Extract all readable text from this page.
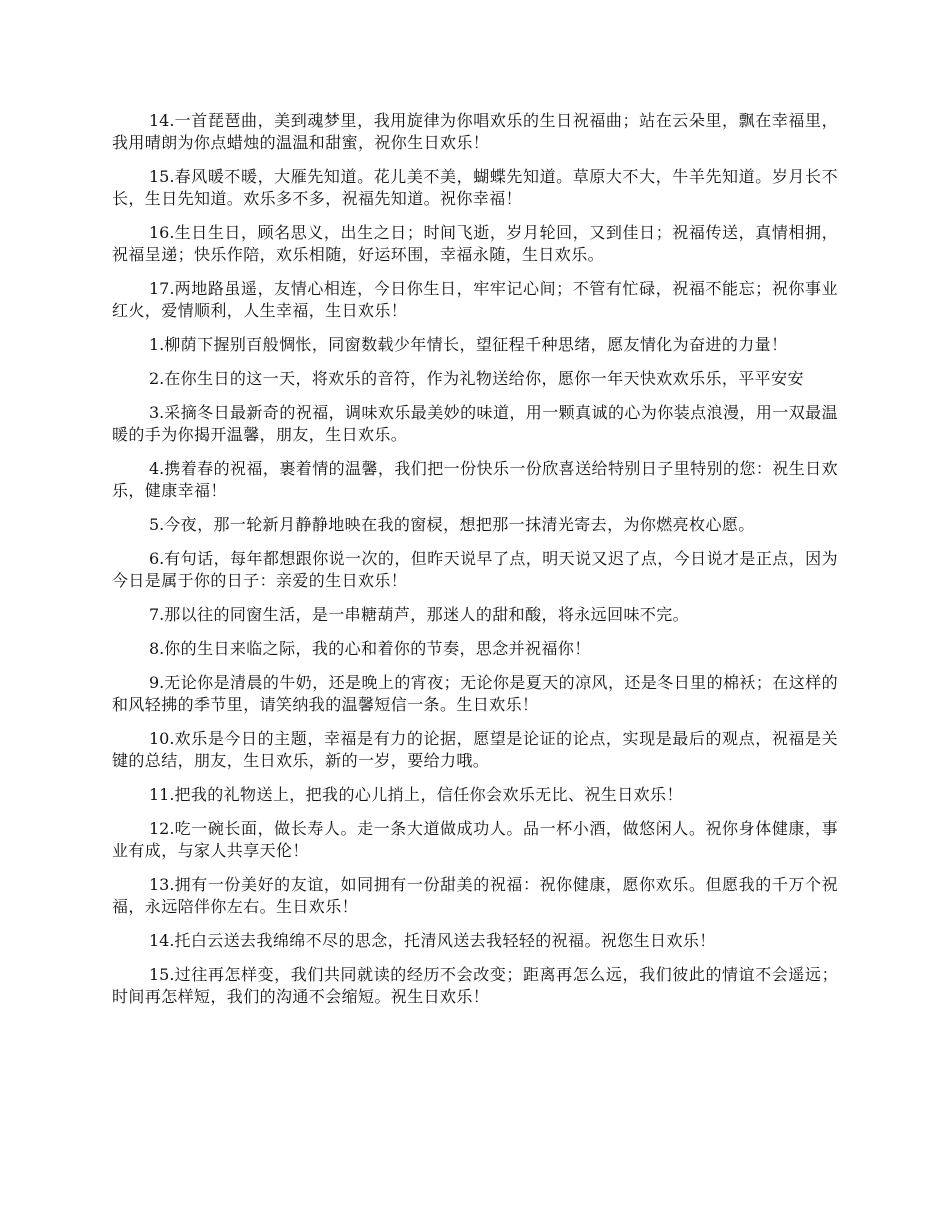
14.一首琵琶曲，美到魂梦里，我用旋律为你唱欢乐的生日祝福曲；站在云朵里，飘在幸福里，我用晴朗为你点蜡烛的温温和甜蜜，祝你生日欢乐！

15.春风暖不暖，大雁先知道。花儿美不美，蝴蝶先知道。草原大不大，牛羊先知道。岁月长不长，生日先知道。欢乐多不多，祝福先知道。祝你幸福！

16.生日生日，顾名思义，出生之日；时间飞逝，岁月轮回，又到佳日；祝福传送，真情相拥，祝福呈递；快乐作陪，欢乐相随，好运环围，幸福永随，生日欢乐。

17.两地路虽遥，友情心相连，今日你生日，牢牢记心间；不管有忙碌，祝福不能忘；祝你事业红火，爱情顺利，人生幸福，生日欢乐！

1.柳荫下握别百般惆怅，同窗数载少年情长，望征程千种思绪，愿友情化为奋进的力量！

2.在你生日的这一天，将欢乐的音符，作为礼物送给你，愿你一年天快欢欢乐乐，平平安安

3.采摘冬日最新奇的祝福，调味欢乐最美妙的味道，用一颗真诚的心为你装点浪漫，用一双最温暖的手为你揭开温馨，朋友，生日欢乐。

4.携着春的祝福，裹着情的温馨，我们把一份快乐一份欣喜送给特别日子里特别的您：祝生日欢乐，健康幸福！

5.今夜，那一轮新月静静地映在我的窗棂，想把那一抹清光寄去，为你燃亮枚心愿。

6.有句话，每年都想跟你说一次的，但昨天说早了点，明天说又迟了点，今日说才是正点，因为今日是属于你的日子：亲爱的生日欢乐！

7.那以往的同窗生活，是一串糖葫芦，那迷人的甜和酸，将永远回味不完。

8.你的生日来临之际，我的心和着你的节奏，思念并祝福你！

9.无论你是清晨的牛奶，还是晚上的宵夜；无论你是夏天的凉风，还是冬日里的棉袄；在这样的和风轻拂的季节里，请笑纳我的温馨短信一条。生日欢乐！

10.欢乐是今日的主题，幸福是有力的论据，愿望是论证的论点，实现是最后的观点，祝福是关键的总结，朋友，生日欢乐，新的一岁，要给力哦。

11.把我的礼物送上，把我的心儿捎上，信任你会欢乐无比、祝生日欢乐！

12.吃一碗长面，做长寿人。走一条大道做成功人。品一杯小酒，做悠闲人。祝你身体健康，事业有成，与家人共享天伦！

13.拥有一份美好的友谊，如同拥有一份甜美的祝福：祝你健康，愿你欢乐。但愿我的千万个祝福，永远陪伴你左右。生日欢乐！

14.托白云送去我绵绵不尽的思念，托清风送去我轻轻的祝福。祝您生日欢乐！

15.过往再怎样变，我们共同就读的经历不会改变；距离再怎么远，我们彼此的情谊不会遥远；时间再怎样短，我们的沟通不会缩短。祝生日欢乐！
